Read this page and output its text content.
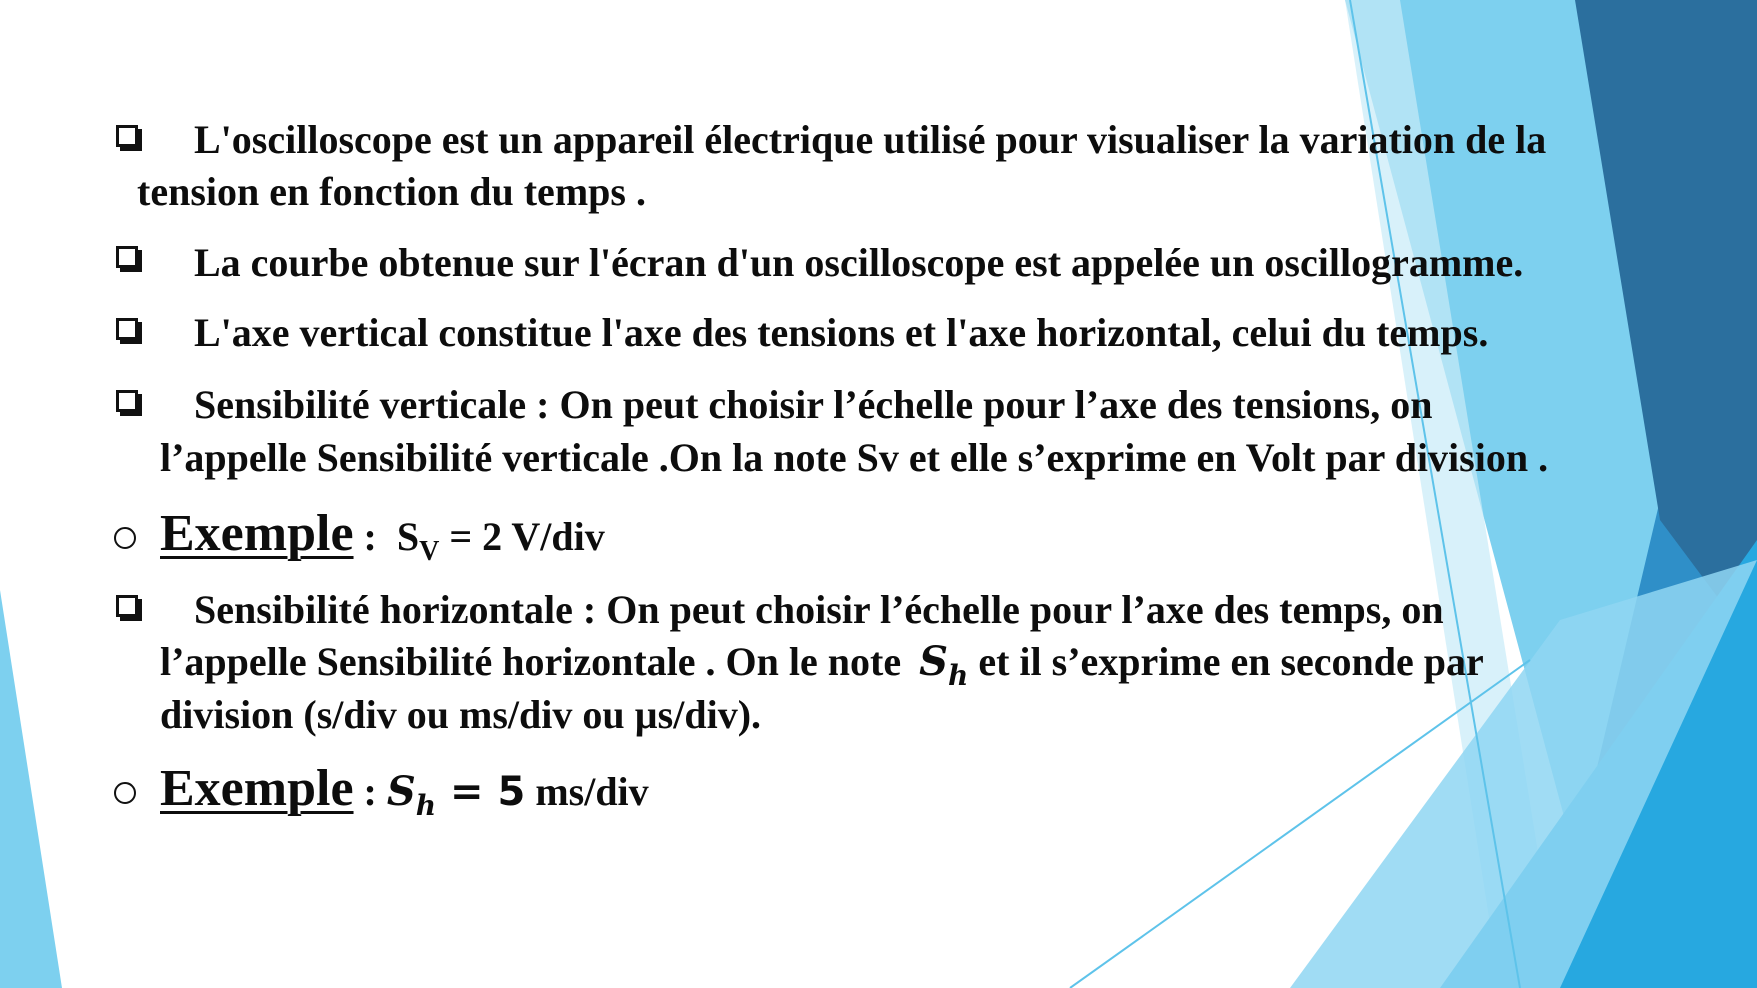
L'oscilloscope est un appareil électrique utilisé pour visualiser la variation de la
tension en fonction du temps .
La courbe obtenue sur l'écran d'un oscilloscope est appelée un oscillogramme.
L'axe vertical constitue l'axe des tensions et l'axe horizontal, celui du temps.
Sensibilité verticale : On peut choisir l’échelle pour l’axe des tensions, on
l’appelle Sensibilité verticale .On la note Sv et elle s’exprime en Volt par division .
Exemple :  $S_V = 2$ V/div
Sensibilité horizontale : On peut choisir l’échelle pour l’axe des temps, on
l’appelle Sensibilité horizontale . On le note $S_h$ et il s’exprime en seconde par
division (s/div ou ms/div ou µs/div).
Exemple : $S_h = 5$ ms/div
